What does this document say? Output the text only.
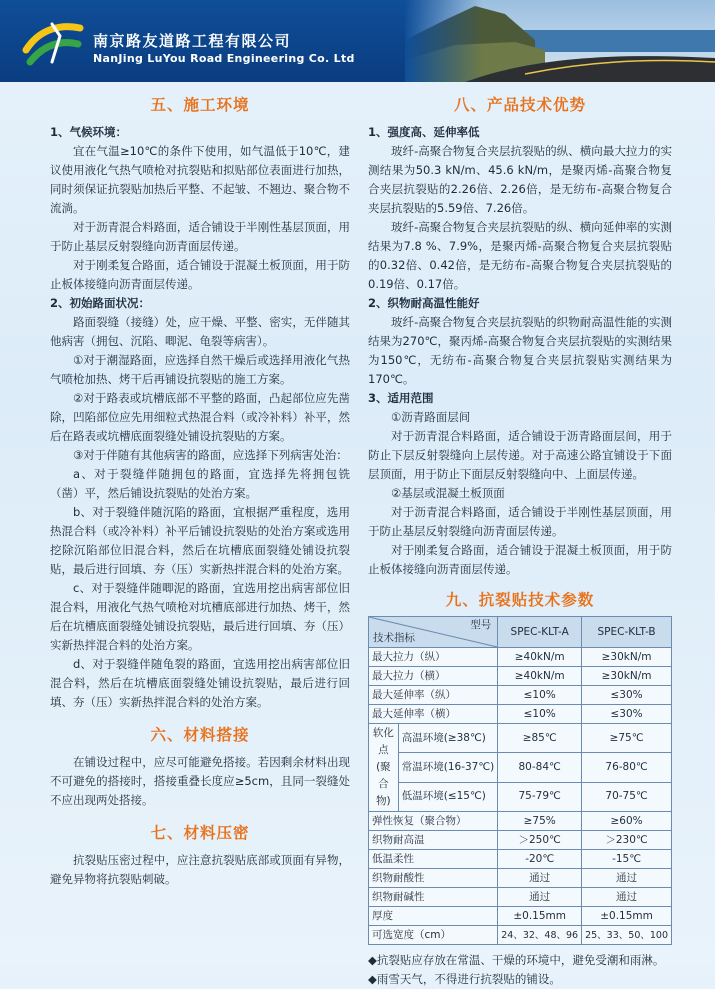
南京路友道路工程有限公司
NanJing LuYou Road Engineering Co. Ltd
五、施工环境

1、气候环境：

宜在气温≥10℃的条件下使用，如气温低于10℃，建议使用液化气热气喷枪对抗裂贴和拟贴部位表面进行加热，同时须保证抗裂贴加热后平整、不起皱、不翘边、聚合物不流淌。

对于沥青混合料路面，适合铺设于半刚性基层顶面，用于防止基层反射裂缝向沥青面层传递。

对于刚柔复合路面，适合铺设于混凝土板顶面，用于防止板体接缝向沥青面层传递。

2、初始路面状况：

路面裂缝（接缝）处，应干燥、平整、密实，无伴随其他病害（拥包、沉陷、唧泥、龟裂等病害）。

①对于潮湿路面，应选择自然干燥后或选择用液化气热气喷枪加热、烤干后再铺设抗裂贴的施工方案。

②对于路表或坑槽底部不平整的路面，凸起部位应先凿除，凹陷部位应先用细粒式热混合料（或冷补料）补平，然后在路表或坑槽底面裂缝处铺设抗裂贴的方案。

③对于伴随有其他病害的路面，应选择下列病害处治：

a、对于裂缝伴随拥包的路面，宜选择先将拥包铣（凿）平，然后铺设抗裂贴的处治方案。

b、对于裂缝伴随沉陷的路面，宜根据严重程度，选用热混合料（或冷补料）补平后铺设抗裂贴的处治方案或选用挖除沉陷部位旧混合料，然后在坑槽底面裂缝处铺设抗裂贴，最后进行回填、夯（压）实新热拌混合料的处治方案。

c、对于裂缝伴随唧泥的路面，宜选用挖出病害部位旧混合料，用液化气热气喷枪对坑槽底部进行加热、烤干，然后在坑槽底面裂缝处铺设抗裂贴，最后进行回填、夯（压）实新热拌混合料的处治方案。

d、对于裂缝伴随龟裂的路面，宜选用挖出病害部位旧混合料，然后在坑槽底面裂缝处铺设抗裂贴，最后进行回填、夯（压）实新热拌混合料的处治方案。

六、材料搭接

在铺设过程中，应尽可能避免搭接。若因剩余材料出现不可避免的搭接时，搭接重叠长度应≥5cm，且同一裂缝处不应出现两处搭接。

七、材料压密

抗裂贴压密过程中，应注意抗裂贴底部或顶面有异物，避免异物将抗裂贴刺破。

八、产品技术优势

1、强度高、延伸率低

玻纤-高聚合物复合夹层抗裂贴的纵、横向最大拉力的实测结果为50.3 kN/m、45.6 kN/m，是聚丙烯-高聚合物复合夹层抗裂贴的2.26倍、2.26倍，是无纺布-高聚合物复合夹层抗裂贴的5.59倍、7.26倍。

玻纤-高聚合物复合夹层抗裂贴的纵、横向延伸率的实测结果为7.8 %、7.9%，是聚丙烯-高聚合物复合夹层抗裂贴的0.32倍、0.42倍，是无纺布-高聚合物复合夹层抗裂贴的0.19倍、0.17倍。

2、织物耐高温性能好

玻纤-高聚合物复合夹层抗裂贴的织物耐高温性能的实测结果为270℃，聚丙烯-高聚合物复合夹层抗裂贴的实测结果为150℃，无纺布-高聚合物复合夹层抗裂贴实测结果为170℃。

3、适用范围

①沥青路面层间

对于沥青混合料路面，适合铺设于沥青路面层间，用于防止下层反射裂缝向上层传递。对于高速公路宜铺设于下面层顶面，用于防止下面层反射裂缝向中、上面层传递。

②基层或混凝土板顶面

对于沥青混合料路面，适合铺设于半刚性基层顶面，用于防止基层反射裂缝向沥青面层传递。

对于刚柔复合路面，适合铺设于混凝土板顶面，用于防止板体接缝向沥青面层传递。

九、抗裂贴技术参数
型号
技术指标		SPEC-KLT-A	SPEC-KLT-B
最大拉力（纵）		≥40kN/m	≥30kN/m
最大拉力（横）		≥40kN/m	≥30kN/m
最大延伸率（纵）		≤10%	≤30%
最大延伸率（横）		≤10%	≤30%
软化点(聚合物)	高温环境(≥38℃)	≥85℃	≥75℃
	常温环境(16-37℃)	80-84℃	76-80℃
	低温环境(≤15℃)	75-79℃	70-75℃
弹性恢复（聚合物）		≥75%	≥60%
织物耐高温		＞250℃	＞230℃
低温柔性		-20℃	-15℃
织物耐酸性		通过	通过
织物耐碱性		通过	通过
厚度		±0.15mm	±0.15mm
可选宽度（cm）		24、32、48、96	25、33、50、100

◆抗裂贴应存放在常温、干燥的环境中，避免受潮和雨淋。

◆雨雪天气，不得进行抗裂贴的铺设。
